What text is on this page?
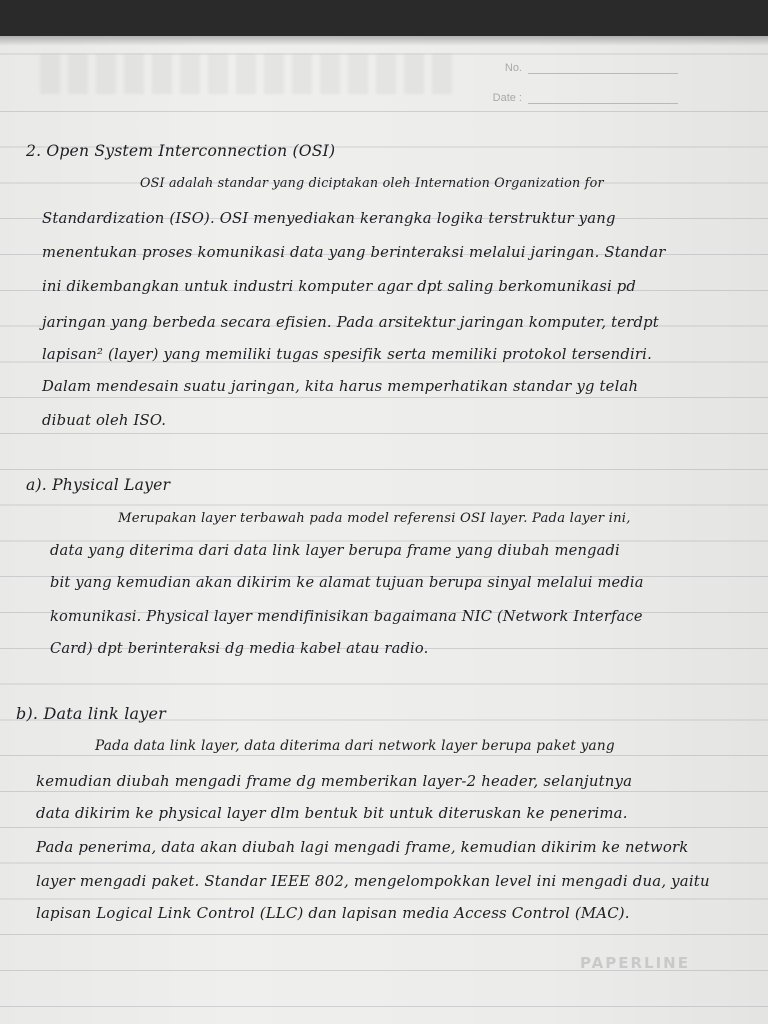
No.
Date :
2. Open System Interconnection (OSI)
OSI adalah standar yang diciptakan oleh Internation Organization for
Standardization (ISO). OSI menyediakan kerangka logika terstruktur yang
menentukan proses komunikasi data yang berinteraksi melalui jaringan. Standar
ini dikembangkan untuk industri komputer agar dpt saling berkomunikasi pd
jaringan yang berbeda secara efisien. Pada arsitektur jaringan komputer, terdpt
lapisan² (layer) yang memiliki tugas spesifik serta memiliki protokol tersendiri.
Dalam mendesain suatu jaringan, kita harus memperhatikan standar yg telah
dibuat oleh ISO.
a). Physical Layer
Merupakan layer terbawah pada model referensi OSI layer. Pada layer ini,
data yang diterima dari data link layer berupa frame yang diubah mengadi
bit yang kemudian akan dikirim ke alamat tujuan berupa sinyal melalui media
komunikasi. Physical layer mendifinisikan bagaimana NIC (Network Interface
Card) dpt berinteraksi dg media kabel atau radio.
b). Data link layer
Pada data link layer, data diterima dari network layer berupa paket yang
kemudian diubah mengadi frame dg memberikan layer-2 header, selanjutnya
data dikirim ke physical layer dlm bentuk bit untuk diteruskan ke penerima.
Pada penerima, data akan diubah lagi mengadi frame, kemudian dikirim ke network
layer mengadi paket. Standar IEEE 802, mengelompokkan level ini mengadi dua, yaitu
lapisan Logical Link Control (LLC) dan lapisan media Access Control (MAC).
PAPERLINE
